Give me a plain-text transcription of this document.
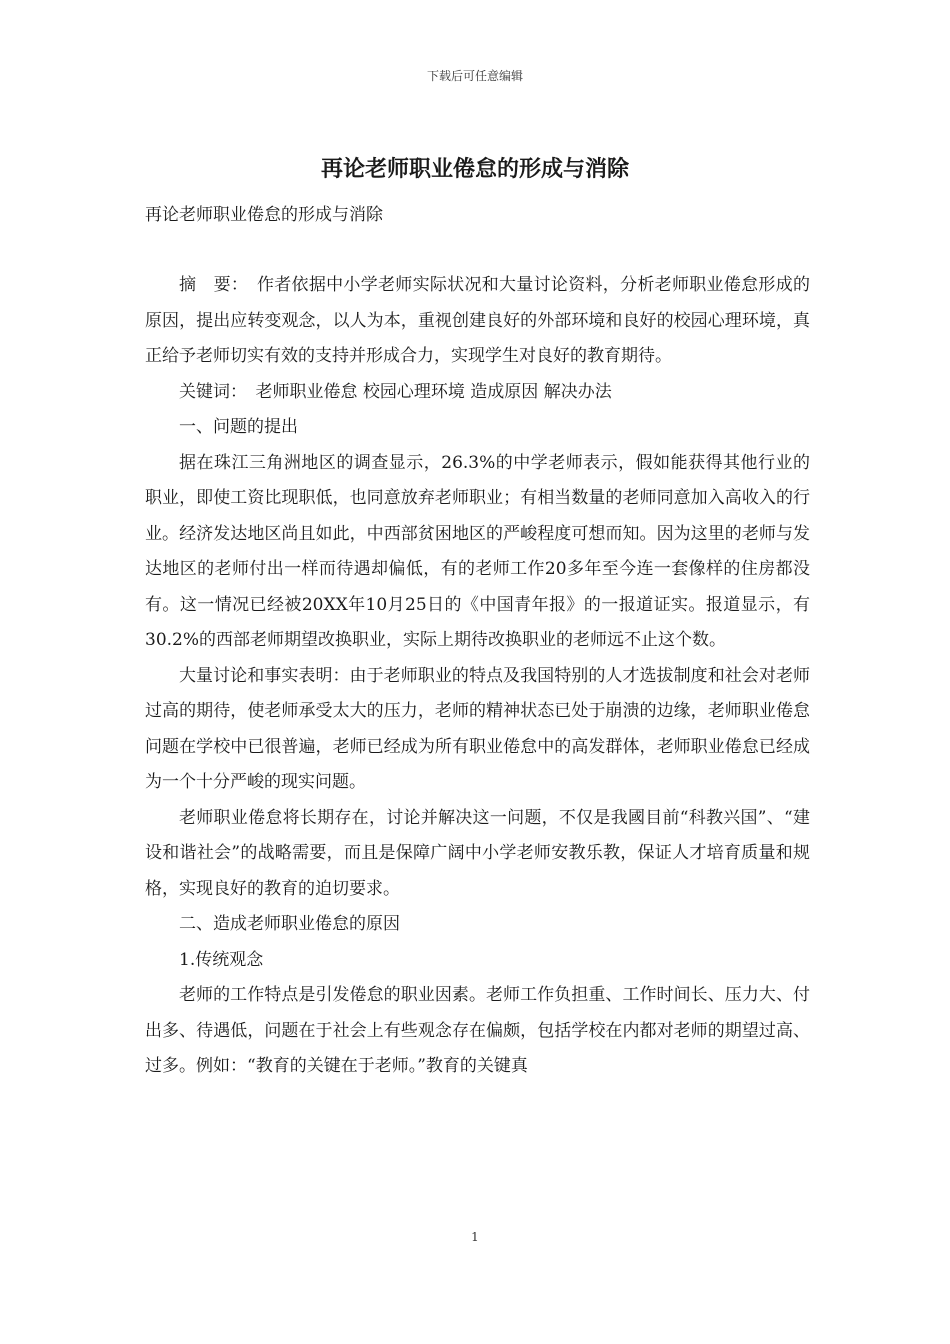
下载后可任意编辑
再论老师职业倦怠的形成与消除

再论老师职业倦怠的形成与消除

摘　要：　作者依据中小学老师实际状况和大量讨论资料，分析老师职业倦怠形成的原因，提出应转变观念，以人为本，重视创建良好的外部环境和良好的校园心理环境，真正给予老师切实有效的支持并形成合力，实现学生对良好的教育期待。

关键词：　老师职业倦怠 校园心理环境 造成原因 解决办法

一、问题的提出

据在珠江三角洲地区的调查显示，26.3%的中学老师表示，假如能获得其他行业的职业，即使工资比现职低，也同意放弃老师职业；有相当数量的老师同意加入高收入的行业。经济发达地区尚且如此，中西部贫困地区的严峻程度可想而知。因为这里的老师与发达地区的老师付出一样而待遇却偏低，有的老师工作20多年至今连一套像样的住房都没有。这一情况已经被20XX年10月25日的《中国青年报》的一报道证实。报道显示，有30.2%的西部老师期望改换职业，实际上期待改换职业的老师远不止这个数。

大量讨论和事实表明：由于老师职业的特点及我国特别的人才选拔制度和社会对老师过高的期待，使老师承受太大的压力，老师的精神状态已处于崩溃的边缘，老师职业倦怠问题在学校中已很普遍，老师已经成为所有职业倦怠中的高发群体，老师职业倦怠已经成为一个十分严峻的现实问题。

老师职业倦怠将长期存在，讨论并解决这一问题，不仅是我國目前“科教兴国”、“建设和谐社会”的战略需要，而且是保障广阔中小学老师安教乐教，保证人才培育质量和规格，实现良好的教育的迫切要求。

二、造成老师职业倦怠的原因

1.传统观念

老师的工作特点是引发倦怠的职业因素。老师工作负担重、工作时间长、压力大、付出多、待遇低，问题在于社会上有些观念存在偏颇，包括学校在内都对老师的期望过高、过多。例如：“教育的关键在于老师。”教育的关键真

1
